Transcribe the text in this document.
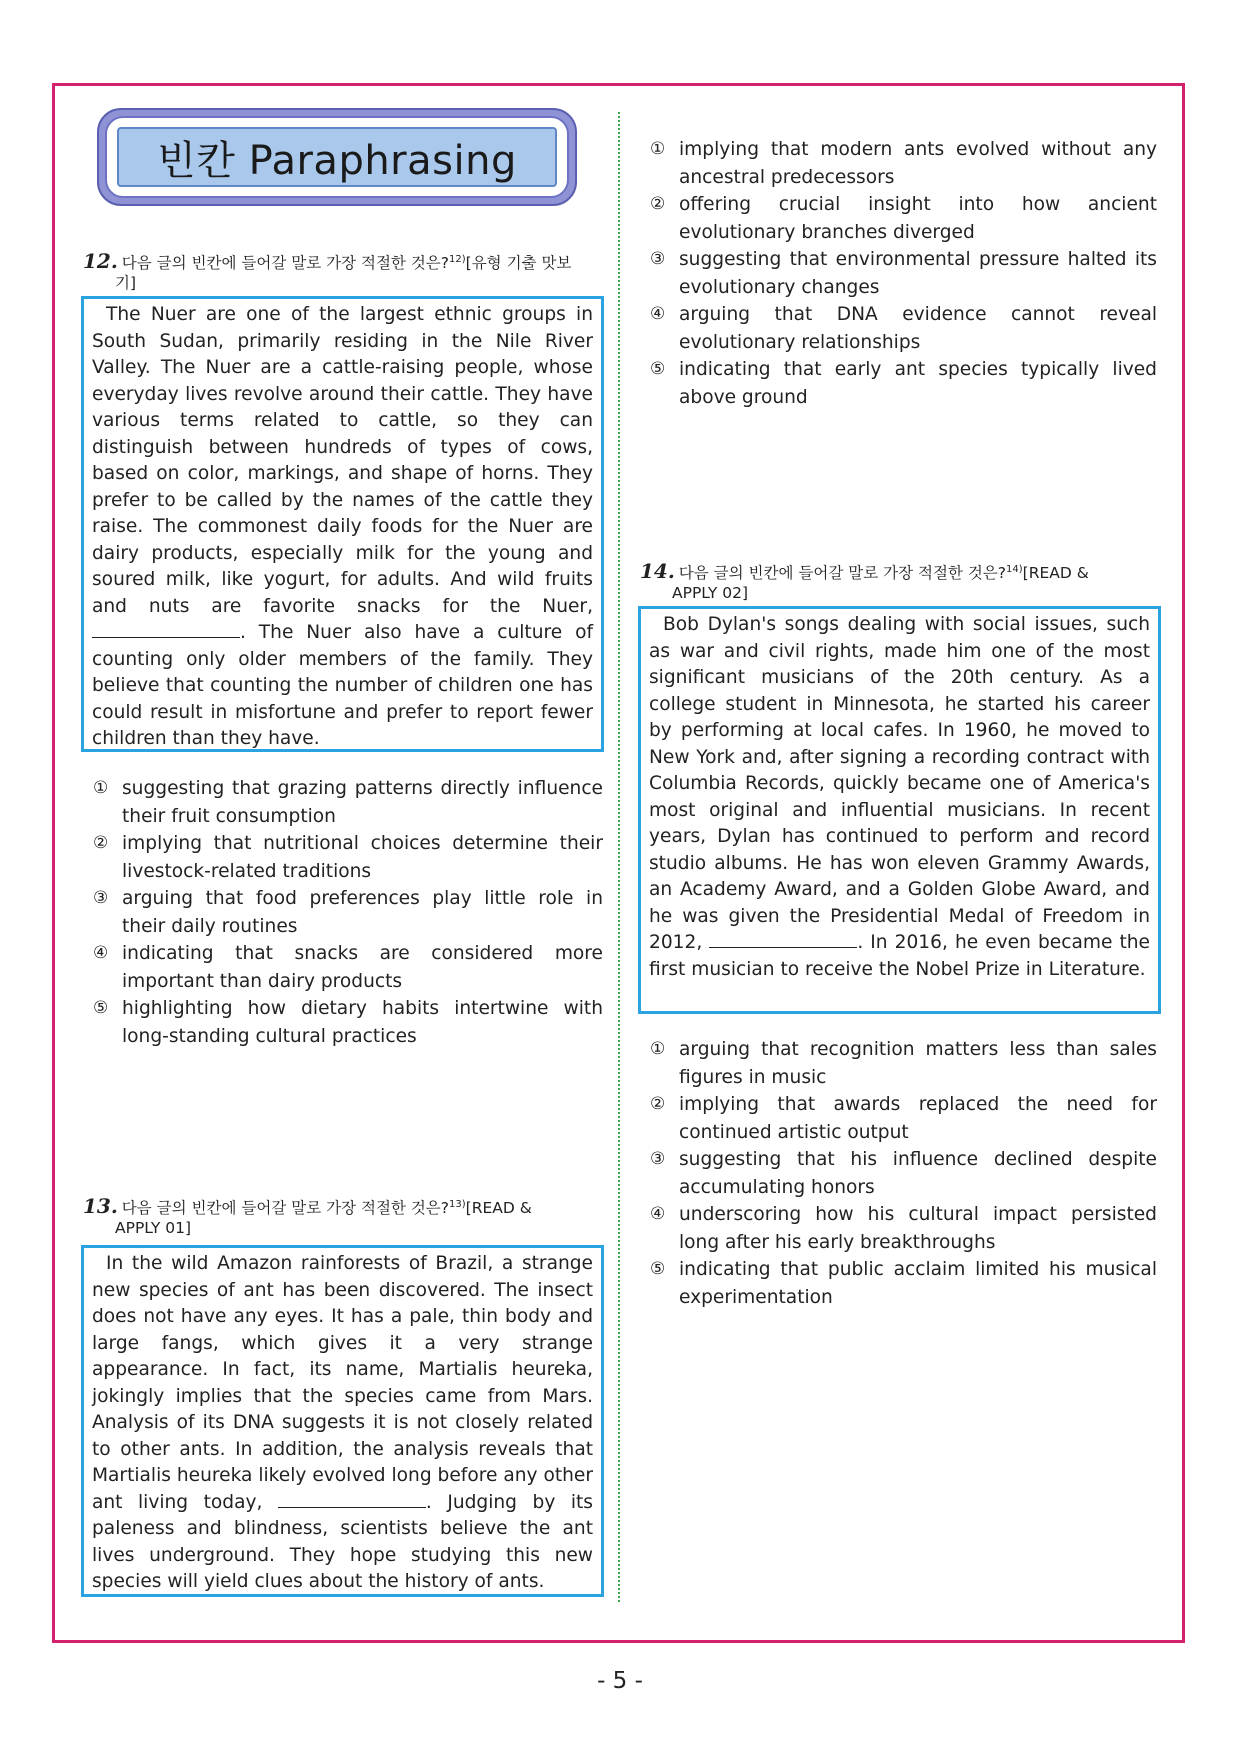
빈칸 Paraphrasing
12. 다음 글의 빈칸에 들어갈 말로 가장 적절한 것은?$^{12)}$[유형 기출 맛보
기]

The Nuer are one of the largest ethnic groups in South Sudan, primarily residing in the Nile River Valley. The Nuer are a cattle-raising people, whose everyday lives revolve around their cattle. They have various terms related to cattle, so they can distinguish between hundreds of types of cows, based on color, markings, and shape of horns. They prefer to be called by the names of the cattle they raise. The commonest daily foods for the Nuer are dairy products, especially milk for the young and soured milk, like yogurt, for adults. And wild fruits and nuts are favorite snacks for the Nuer, . The Nuer also have a culture of counting only older members of the family. They believe that counting the number of children one has could result in misfortune and prefer to report fewer children than they have.

① suggesting that grazing patterns directly influence their fruit consumption
② implying that nutritional choices determine their livestock-related traditions
③ arguing that food preferences play little role in their daily routines
④ indicating that snacks are considered more important than dairy products
⑤ highlighting how dietary habits intertwine with long-standing cultural practices
13. 다음 글의 빈칸에 들어갈 말로 가장 적절한 것은?$^{13)}$[READ &
APPLY 01]

In the wild Amazon rainforests of Brazil, a strange new species of ant has been discovered. The insect does not have any eyes. It has a pale, thin body and large fangs, which gives it a very strange appearance. In fact, its name, Martialis heureka, jokingly implies that the species came from Mars. Analysis of its DNA suggests it is not closely related to other ants. In addition, the analysis reveals that Martialis heureka likely evolved long before any other ant living today,	. Judging by its paleness and blindness, scientists believe the ant lives underground. They hope studying this new species will yield clues about the history of ants.

① implying that modern ants evolved without any ancestral predecessors
② offering crucial insight into how ancient evolutionary branches diverged
③ suggesting that environmental pressure halted its evolutionary changes
④ arguing that DNA evidence cannot reveal evolutionary relationships
⑤ indicating that early ant species typically lived above ground
14. 다음 글의 빈칸에 들어갈 말로 가장 적절한 것은?$^{14)}$[READ &
APPLY 02]

Bob Dylan's songs dealing with social issues, such as war and civil rights, made him one of the most significant musicians of the 20th century. As a college student in Minnesota, he started his career by performing at local cafes. In 1960, he moved to New York and, after signing a recording contract with Columbia Records, quickly became one of America's most original and influential musicians. In recent years, Dylan has continued to perform and record studio albums. He has won eleven Grammy Awards, an Academy Award, and a Golden Globe Award, and he was given the Presidential Medal of Freedom in 2012,	. In 2016, he even became the first musician to receive the Nobel Prize in Literature.

① arguing that recognition matters less than sales figures in music
② implying that awards replaced the need for continued artistic output
③ suggesting that his influence declined despite accumulating honors
④ underscoring how his cultural impact persisted long after his early breakthroughs
⑤ indicating that public acclaim limited his musical experimentation
- 5 -
